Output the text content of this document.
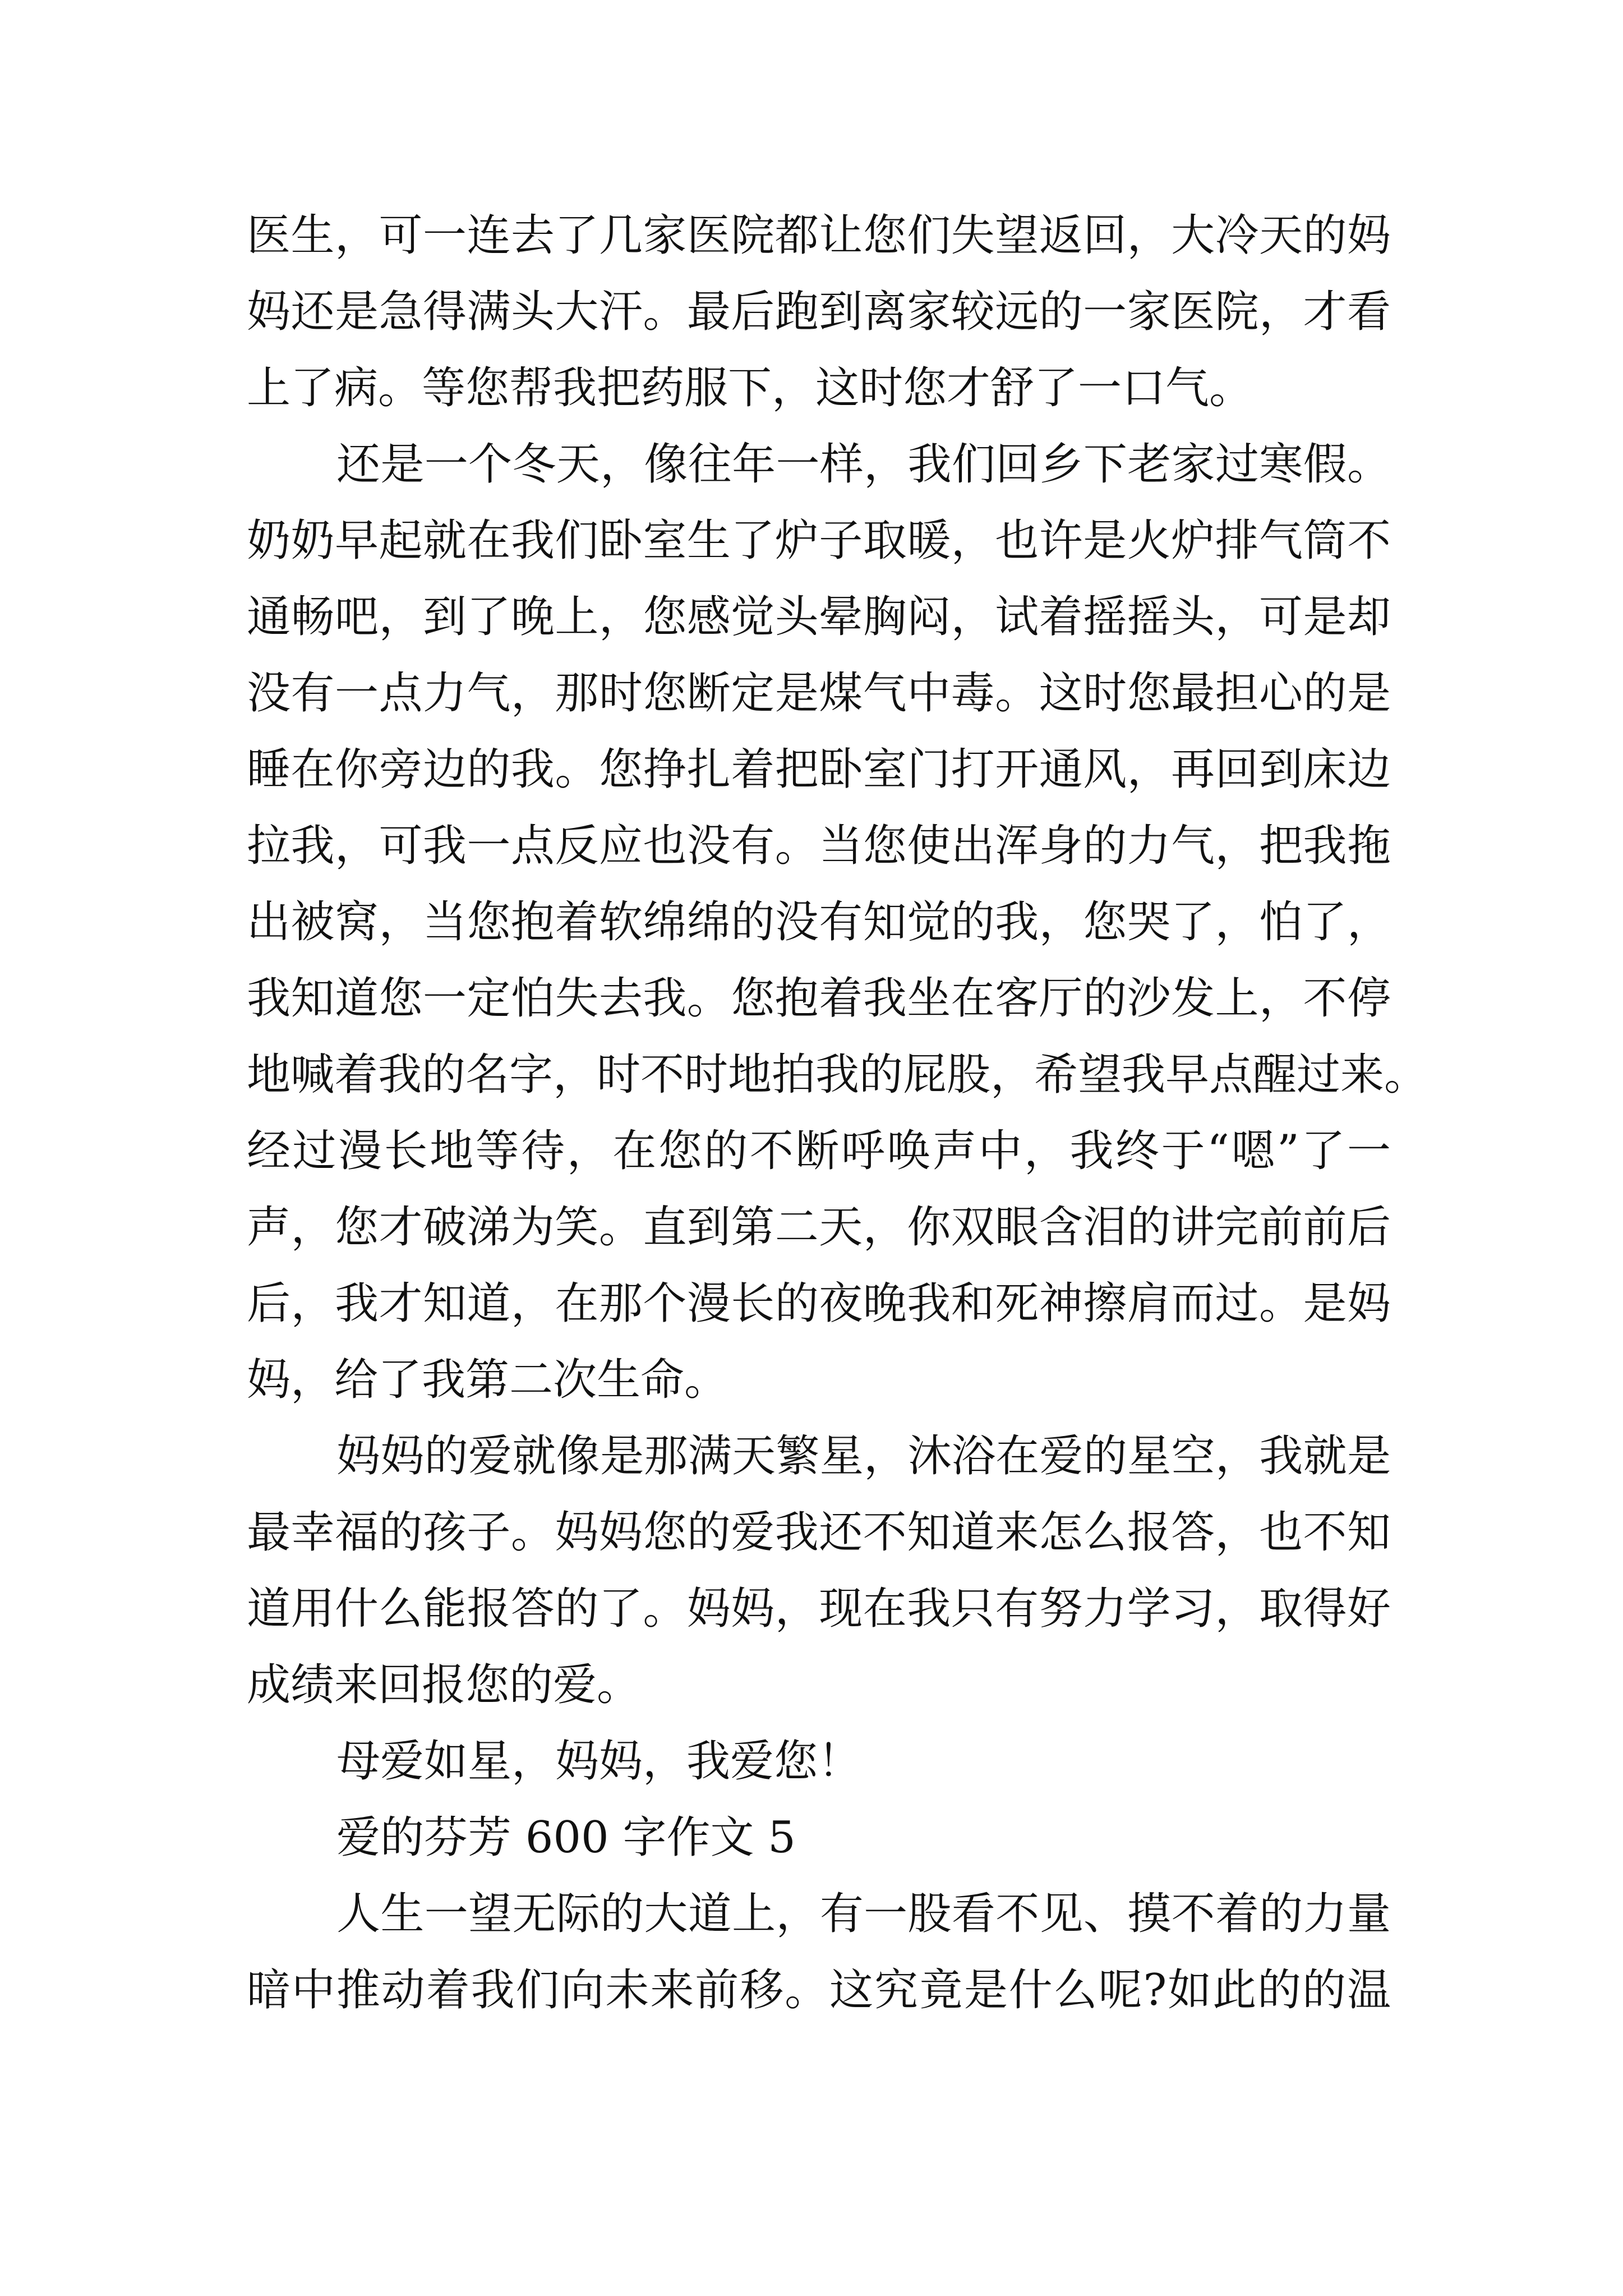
医生，可一连去了几家医院都让您们失望返回，大冷天的妈
妈还是急得满头大汗。最后跑到离家较远的一家医院，才看
上了病。等您帮我把药服下，这时您才舒了一口气。
还是一个冬天，像往年一样，我们回乡下老家过寒假。
奶奶早起就在我们卧室生了炉子取暖，也许是火炉排气筒不
通畅吧，到了晚上，您感觉头晕胸闷，试着摇摇头，可是却
没有一点力气，那时您断定是煤气中毒。这时您最担心的是
睡在你旁边的我。您挣扎着把卧室门打开通风，再回到床边
拉我，可我一点反应也没有。当您使出浑身的力气，把我拖
出被窝，当您抱着软绵绵的没有知觉的我，您哭了，怕了，
我知道您一定怕失去我。您抱着我坐在客厅的沙发上，不停
地喊着我的名字，时不时地拍我的屁股，希望我早点醒过来。
经过漫长地等待，在您的不断呼唤声中，我终于“嗯”了一
声，您才破涕为笑。直到第二天，你双眼含泪的讲完前前后
后，我才知道，在那个漫长的夜晚我和死神擦肩而过。是妈
妈，给了我第二次生命。
妈妈的爱就像是那满天繁星，沐浴在爱的星空，我就是
最幸福的孩子。妈妈您的爱我还不知道来怎么报答，也不知
道用什么能报答的了。妈妈，现在我只有努力学习，取得好
成绩来回报您的爱。
母爱如星，妈妈，我爱您！
爱的芬芳 600 字作文 5
人生一望无际的大道上，有一股看不见、摸不着的力量
暗中推动着我们向未来前移。这究竟是什么呢?如此的的温
